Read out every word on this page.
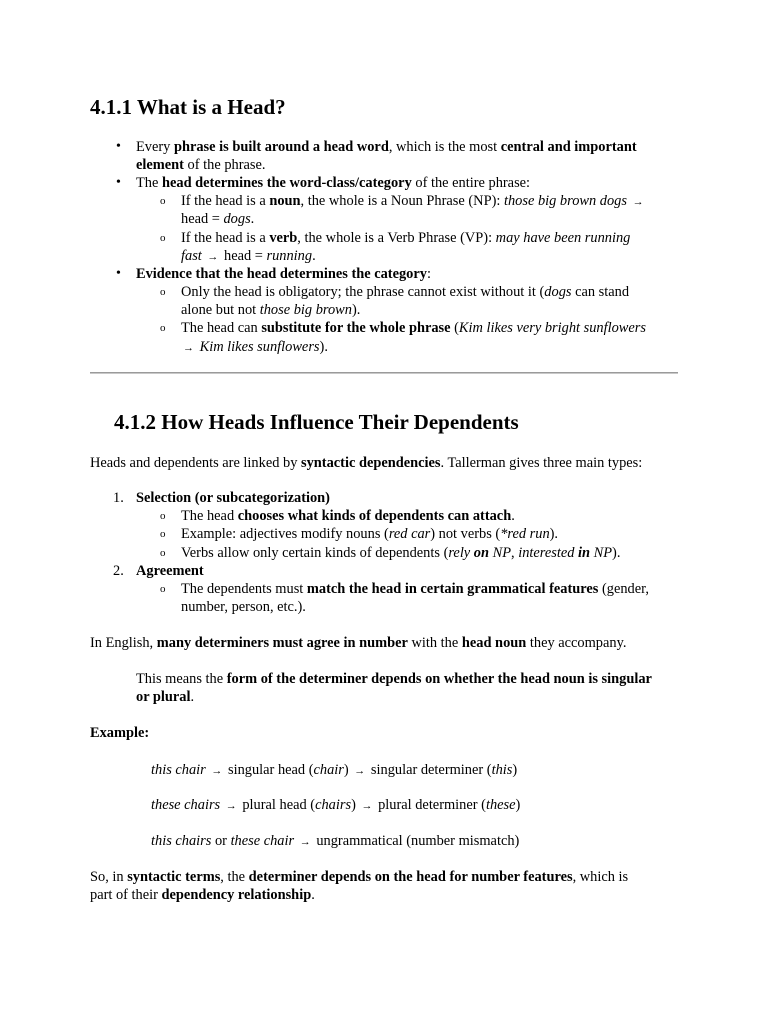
4.1.1 What is a Head?
• Every phrase is built around a head word, which is the most central and important
element of the phrase.
• The head determines the word-class/category of the entire phrase:
o If the head is a noun, the whole is a Noun Phrase (NP): those big brown dogs →
head = dogs.
o If the head is a verb, the whole is a Verb Phrase (VP): may have been running
fast → head = running.
• Evidence that the head determines the category:
o Only the head is obligatory; the phrase cannot exist without it (dogs can stand
alone but not those big brown).
o The head can substitute for the whole phrase (Kim likes very bright sunflowers
→ Kim likes sunflowers).
4.1.2 How Heads Influence Their Dependents
Heads and dependents are linked by syntactic dependencies. Tallerman gives three main types:
1. Selection (or subcategorization)
o The head chooses what kinds of dependents can attach.
o Example: adjectives modify nouns (red car) not verbs (*red run).
o Verbs allow only certain kinds of dependents (rely on NP, interested in NP).
2. Agreement
o The dependents must match the head in certain grammatical features (gender,
number, person, etc.).
In English, many determiners must agree in number with the head noun they accompany.
This means the form of the determiner depends on whether the head noun is singular
or plural.
Example:
this chair → singular head (chair) → singular determiner (this)
these chairs → plural head (chairs) → plural determiner (these)
this chairs or these chair → ungrammatical (number mismatch)
So, in syntactic terms, the determiner depends on the head for number features, which is
part of their dependency relationship.
